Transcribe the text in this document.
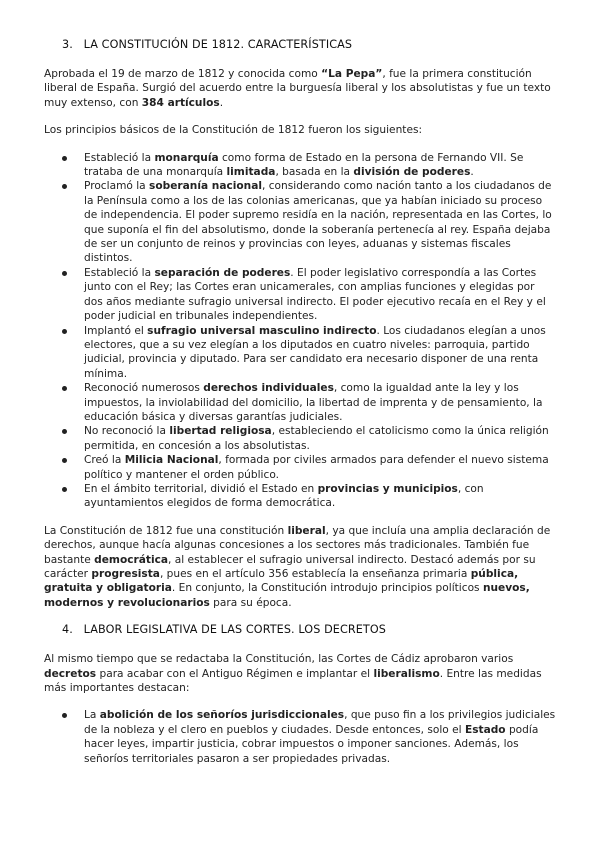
3. LA CONSTITUCIÓN DE 1812. CARACTERÍSTICAS

Aprobada el 19 de marzo de 1812 y conocida como “La Pepa”, fue la primera constitución liberal de España. Surgió del acuerdo entre la burguesía liberal y los absolutistas y fue un texto muy extenso, con 384 artículos.

Los principios básicos de la Constitución de 1812 fueron los siguientes:

Estableció la monarquía como forma de Estado en la persona de Fernando VII. Se trataba de una monarquía limitada, basada en la división de poderes.
Proclamó la soberanía nacional, considerando como nación tanto a los ciudadanos de la Península como a los de las colonias americanas, que ya habían iniciado su proceso de independencia. El poder supremo residía en la nación, representada en las Cortes, lo que suponía el fin del absolutismo, donde la soberanía pertenecía al rey. España dejaba de ser un conjunto de reinos y provincias con leyes, aduanas y sistemas fiscales distintos.
Estableció la separación de poderes. El poder legislativo correspondía a las Cortes junto con el Rey; las Cortes eran unicamerales, con amplias funciones y elegidas por dos años mediante sufragio universal indirecto. El poder ejecutivo recaía en el Rey y el poder judicial en tribunales independientes.
Implantó el sufragio universal masculino indirecto. Los ciudadanos elegían a unos electores, que a su vez elegían a los diputados en cuatro niveles: parroquia, partido judicial, provincia y diputado. Para ser candidato era necesario disponer de una renta mínima.
Reconoció numerosos derechos individuales, como la igualdad ante la ley y los impuestos, la inviolabilidad del domicilio, la libertad de imprenta y de pensamiento, la educación básica y diversas garantías judiciales.
No reconoció la libertad religiosa, estableciendo el catolicismo como la única religión permitida, en concesión a los absolutistas.
Creó la Milicia Nacional, formada por civiles armados para defender el nuevo sistema político y mantener el orden público.
En el ámbito territorial, dividió el Estado en provincias y municipios, con ayuntamientos elegidos de forma democrática.

La Constitución de 1812 fue una constitución liberal, ya que incluía una amplia declaración de derechos, aunque hacía algunas concesiones a los sectores más tradicionales. También fue bastante democrática, al establecer el sufragio universal indirecto. Destacó además por su carácter progresista, pues en el artículo 356 establecía la enseñanza primaria pública, gratuita y obligatoria. En conjunto, la Constitución introdujo principios políticos nuevos, modernos y revolucionarios para su época.

4. LABOR LEGISLATIVA DE LAS CORTES. LOS DECRETOS

Al mismo tiempo que se redactaba la Constitución, las Cortes de Cádiz aprobaron varios decretos para acabar con el Antiguo Régimen e implantar el liberalismo. Entre las medidas más importantes destacan:

La abolición de los señoríos jurisdiccionales, que puso fin a los privilegios judiciales de la nobleza y el clero en pueblos y ciudades. Desde entonces, solo el Estado podía hacer leyes, impartir justicia, cobrar impuestos o imponer sanciones. Además, los señoríos territoriales pasaron a ser propiedades privadas.
